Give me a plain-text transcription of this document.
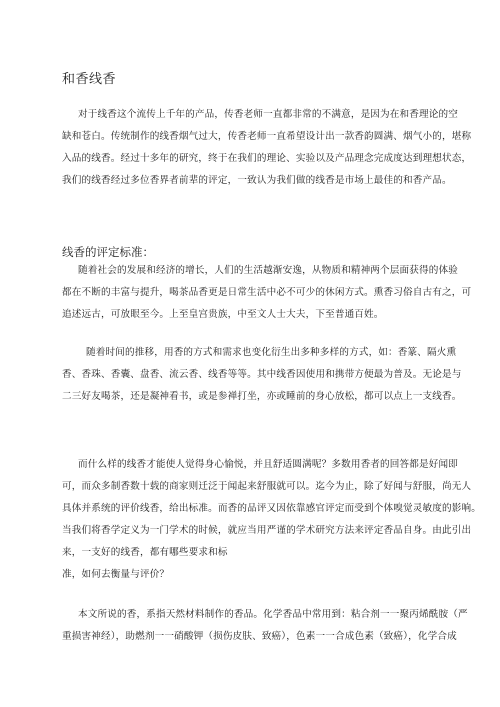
和香线香
对于线香这个流传上千年的产品，传香老师一直都非常的不满意，是因为在和香理论的空
缺和苍白。传统制作的线香烟气过大，传香老师一直希望设计出一款香韵圆满、烟气小的，堪称
入品的线香。经过十多年的研究，终于在我们的理论、实验以及产品理念完成度达到理想状态，
我们的线香经过多位香界者前辈的评定，一致认为我们做的线香是市场上最佳的和香产品。
线香的评定标准：
随着社会的发展和经济的增长，人们的生活越渐安逸，从物质和精神两个层面获得的体验
都在不断的丰富与提升，喝茶品香更是日常生活中必不可少的休闲方式。熏香习俗自古有之，可
追述远古，可放眼至今。上至皇宫贵族，中至文人士大夫，下至普通百姓。
随着时间的推移，用香的方式和需求也变化衍生出多种多样的方式，如：香篆、隔火熏
香、香珠、香囊、盘香、流云香、线香等等。其中线香因使用和携带方便最为普及。无论是与
二三好友喝茶，还是凝神看书，或是参禅打坐，亦或睡前的身心放松，都可以点上一支线香。
而什么样的线香才能使人觉得身心愉悦，并且舒适圆满呢？多数用香者的回答都是好闻即
可，而众多制香数十载的商家则迁泛于闻起来舒服就可以。迄今为止，除了好闻与舒服，尚无人
具体并系统的评价线香，给出标准。而香的品评又因依靠感官评定而受到个体嗅觉灵敏度的影响。
当我们将香学定义为一门学术的时候，就应当用严谨的学术研究方法来评定香品自身。由此引出
来，一支好的线香，都有哪些要求和标
准，如何去衡量与评价？
本文所说的香，系指天然材料制作的香品。化学香品中常用到：粘合剂一一聚丙烯酰胺（严
重损害神经），助燃剂一一硝酸钾（损伤皮肤、致癌），色素一一合成色素（致癌），化学合成
